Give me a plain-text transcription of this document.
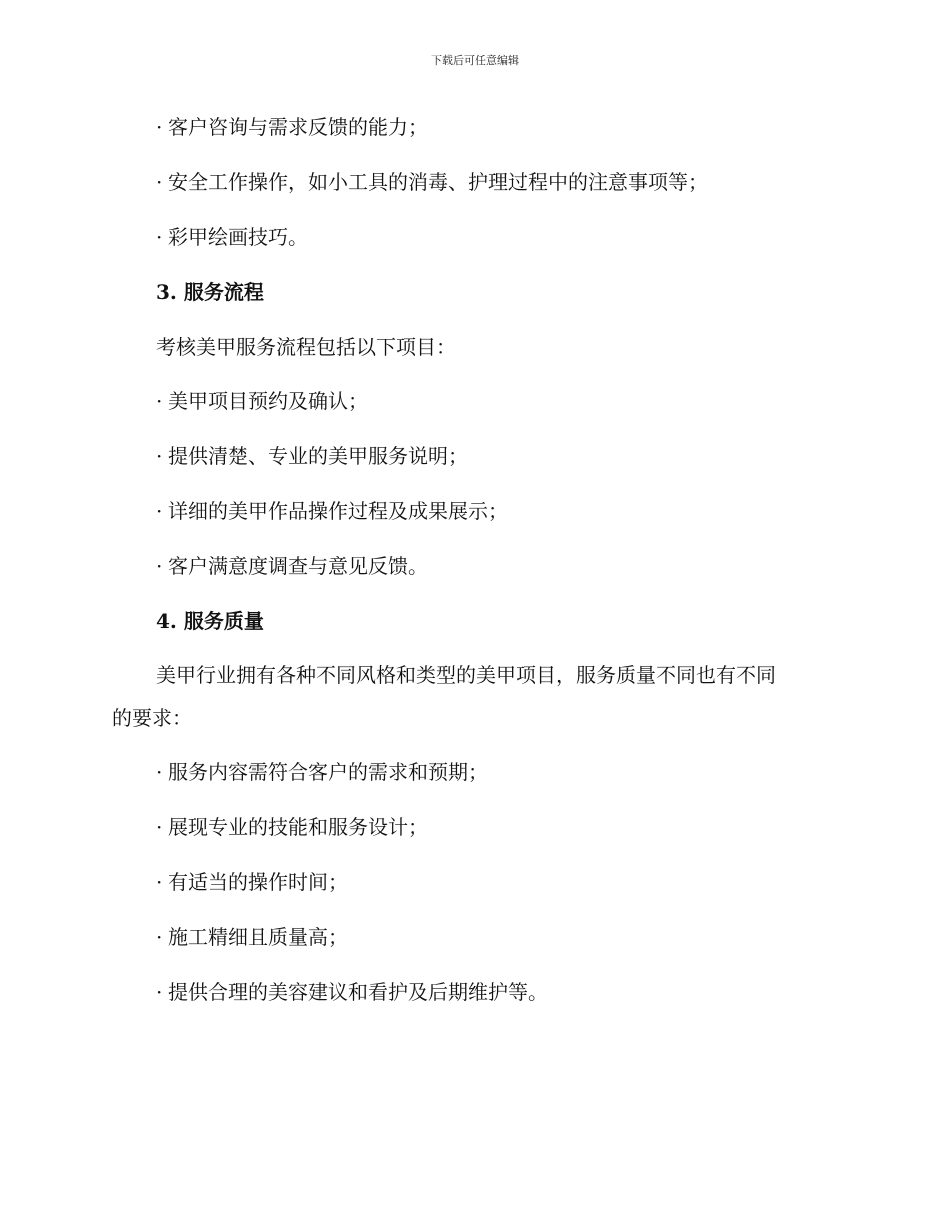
下载后可任意编辑
· 客户咨询与需求反馈的能力；
· 安全工作操作，如小工具的消毒、护理过程中的注意事项等；
· 彩甲绘画技巧。
3. 服务流程
考核美甲服务流程包括以下项目：
· 美甲项目预约及确认；
· 提供清楚、专业的美甲服务说明；
· 详细的美甲作品操作过程及成果展示；
· 客户满意度调查与意见反馈。
4. 服务质量
美甲行业拥有各种不同风格和类型的美甲项目，服务质量不同也有不同
的要求：
· 服务内容需符合客户的需求和预期；
· 展现专业的技能和服务设计；
· 有适当的操作时间；
· 施工精细且质量高；
· 提供合理的美容建议和看护及后期维护等。
